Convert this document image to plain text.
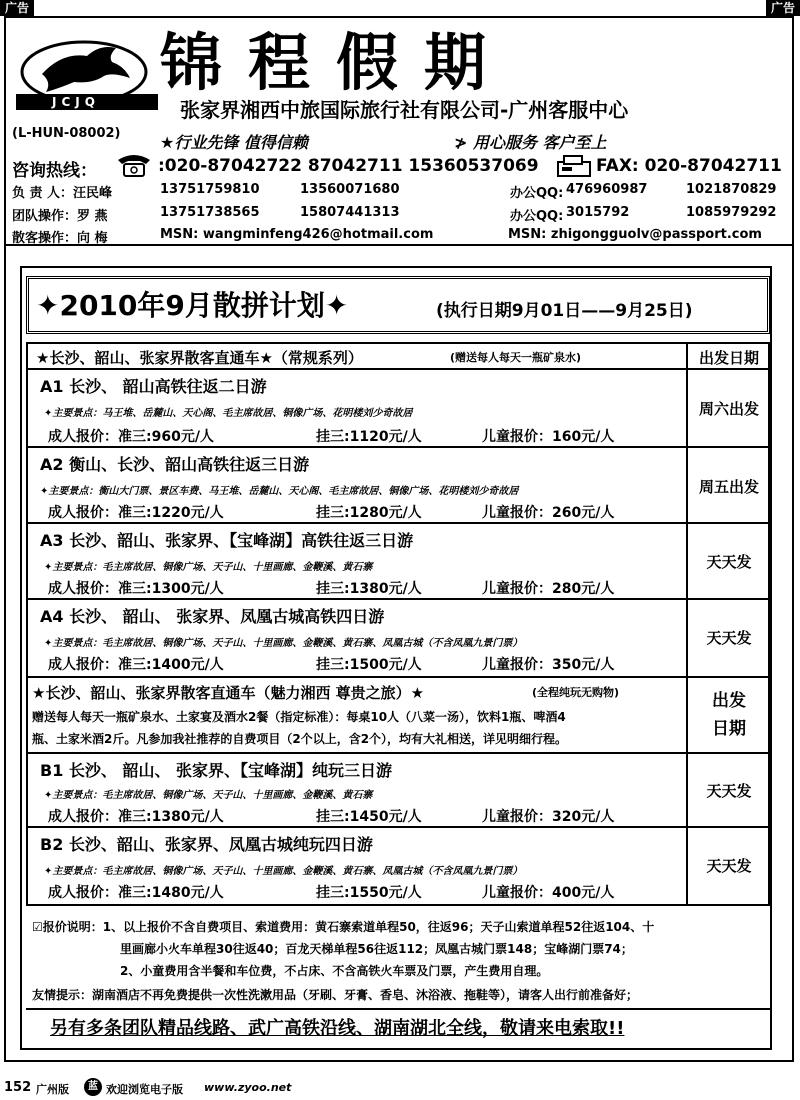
广告	广告
JCJQ
锦程假期
张家界湘西中旅国际旅行社有限公司-广州客服中心
(L-HUN-08002) ★行业先锋 值得信赖	≯ 用心服务 客户至上
咨询热线：	:020-87042722 87042711 15360537069	FAX: 020-87042711
负 责 人：汪民峰	13751759810	13560071680	办公QQ: 476960987	1021870829
团队操作：罗 燕	13751738565	15807441313	办公QQ: 3015792	1085979292
散客操作：向 梅	MSN: wangminfeng426@hotmail.com	MSN: zhigongguolv@passport.com
✦2010年9月散拼计划✦	(执行日期9月01日——9月25日)
★长沙、韶山、张家界散客直通车★（常规系列）	(赠送每人每天一瓶矿泉水)	出发日期
A1 长沙、 韶山高铁往返二日游
✦主要景点：马王堆、岳麓山、天心阁、毛主席故居、铜像广场、花明楼刘少奇故居
成人报价：准三:960元/人	挂三:1120元/人	儿童报价：160元/人
周六出发
A2 衡山、长沙、韶山高铁往返三日游
✦主要景点：衡山大门票、景区车费、马王堆、岳麓山、天心阁、毛主席故居、铜像广场、花明楼刘少奇故居
成人报价：准三:1220元/人	挂三:1280元/人	儿童报价：260元/人
周五出发
A3 长沙、韶山、张家界、【宝峰湖】高铁往返三日游
✦主要景点：毛主席故居、铜像广场、天子山、十里画廊、金鞭溪、黄石寨
成人报价：准三:1300元/人	挂三:1380元/人	儿童报价：280元/人
天天发
A4 长沙、 韶山、 张家界、凤凰古城高铁四日游
✦主要景点：毛主席故居、铜像广场、天子山、十里画廊、金鞭溪、黄石寨、凤凰古城（不含凤凰九景门票）
成人报价：准三:1400元/人	挂三:1500元/人	儿童报价：350元/人
天天发
★长沙、韶山、张家界散客直通车（魅力湘西 尊贵之旅）★	(全程纯玩无购物)
赠送每人每天一瓶矿泉水、土家宴及酒水2餐（指定标准）：每桌10人（八菜一汤），饮料1瓶、啤酒4
瓶、土家米酒2斤。凡参加我社推荐的自费项目（2个以上，含2个），均有大礼相送，详见明细行程。
出发
日期
B1 长沙、 韶山、 张家界、【宝峰湖】纯玩三日游
✦主要景点：毛主席故居、铜像广场、天子山、十里画廊、金鞭溪、黄石寨
成人报价：准三:1380元/人	挂三:1450元/人	儿童报价：320元/人
天天发
B2 长沙、韶山、张家界、凤凰古城纯玩四日游
✦主要景点：毛主席故居、铜像广场、天子山、十里画廊、金鞭溪、黄石寨、凤凰古城（不含凤凰九景门票）
成人报价：准三:1480元/人	挂三:1550元/人	儿童报价：400元/人
天天发
☑报价说明：1、以上报价不含自费项目、索道费用：黄石寨索道单程50，往返96；天子山索道单程52往返104、十
里画廊小火车单程30往返40；百龙天梯单程56往返112；凤凰古城门票148；宝峰湖门票74；
2、小童费用含半餐和车位费，不占床、不含高铁火车票及门票，产生费用自理。
友情提示：湖南酒店不再免费提供一次性洗漱用品（牙刷、牙膏、香皂、沐浴液、拖鞋等），请客人出行前准备好；
另有多条团队精品线路、武广高铁沿线、湖南湖北全线，敬请来电索取!!
152 广州版	蓝 欢迎浏览电子版 www.zyoo.net
